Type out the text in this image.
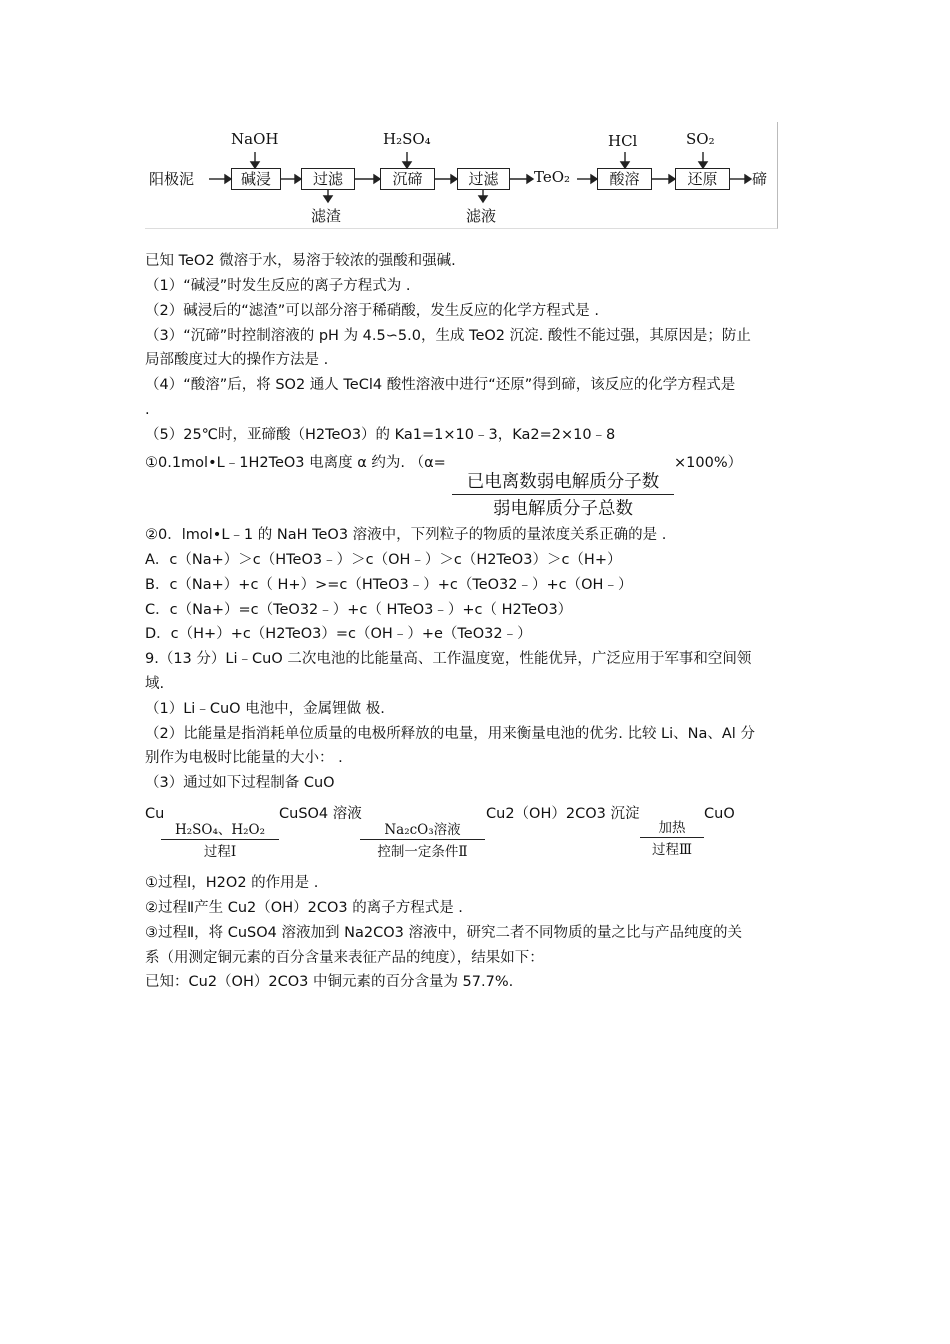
阳极泥
NaOH	H₂SO₄	HCl	SO₂
碱浸	过滤	沉碲	过滤	TeO₂	酸溶	还原	碲
滤渣	滤液
已知 TeO2 微溶于水，易溶于较浓的强酸和强碱.
（1）“碱浸”时发生反应的离子方程式为 .
（2）碱浸后的“滤渣”可以部分溶于稀硝酸，发生反应的化学方程式是 .
（3）“沉碲”时控制溶液的 pH 为 4.5∽5.0，生成 TeO2 沉淀. 酸性不能过强，其原因是；防止
局部酸度过大的操作方法是 .
（4）“酸溶”后，将 SO2 通人 TeCl4 酸性溶液中进行“还原”得到碲，该反应的化学方程式是
.
（5）25℃时，亚碲酸（H2TeO3）的 Ka1=1×10﹣3，Ka2=2×10﹣8
①0.1mol•L﹣1H2TeO3 电离度 α 约为. （α=
已电离数弱电解质分子数
弱电解质分子总数
×100%）
②0．lmol•L﹣1 的 NaH TeO3 溶液中，下列粒子的物质的量浓度关系正确的是 .
A．c（Na+）＞c（HTeO3﹣）＞c（OH﹣）＞c（H2TeO3）＞c（H+）
B．c（Na+）+c（ H+）>=c（HTeO3﹣）+c（TeO32﹣）+c（OH﹣）
C．c（Na+）=c（TeO32﹣）+c（ HTeO3﹣）+c（ H2TeO3）
D．c（H+）+c（H2TeO3）=c（OH﹣）+e（TeO32﹣）
9.（13 分）Li﹣CuO 二次电池的比能量高、工作温度宽，性能优异，广泛应用于军事和空间领
域.
（1）Li﹣CuO 电池中，金属锂做 极.
（2）比能量是指消耗单位质量的电极所释放的电量，用来衡量电池的优劣. 比较 Li、Na、Al 分
别作为电极时比能量的大小： .
（3）通过如下过程制备 CuO
Cu
H₂SO₄、H₂O₂
过程Ⅰ
CuSO4 溶液
Na₂cO₃溶液
控制一定条件Ⅱ
Cu2（OH）2CO3 沉淀
加热
过程Ⅲ
CuO
①过程Ⅰ，H2O2 的作用是 .
②过程Ⅱ产生 Cu2（OH）2CO3 的离子方程式是 .
③过程Ⅱ，将 CuSO4 溶液加到 Na2CO3 溶液中，研究二者不同物质的量之比与产品纯度的关
系（用测定铜元素的百分含量来表征产品的纯度），结果如下：
已知：Cu2（OH）2CO3 中铜元素的百分含量为 57.7%.
